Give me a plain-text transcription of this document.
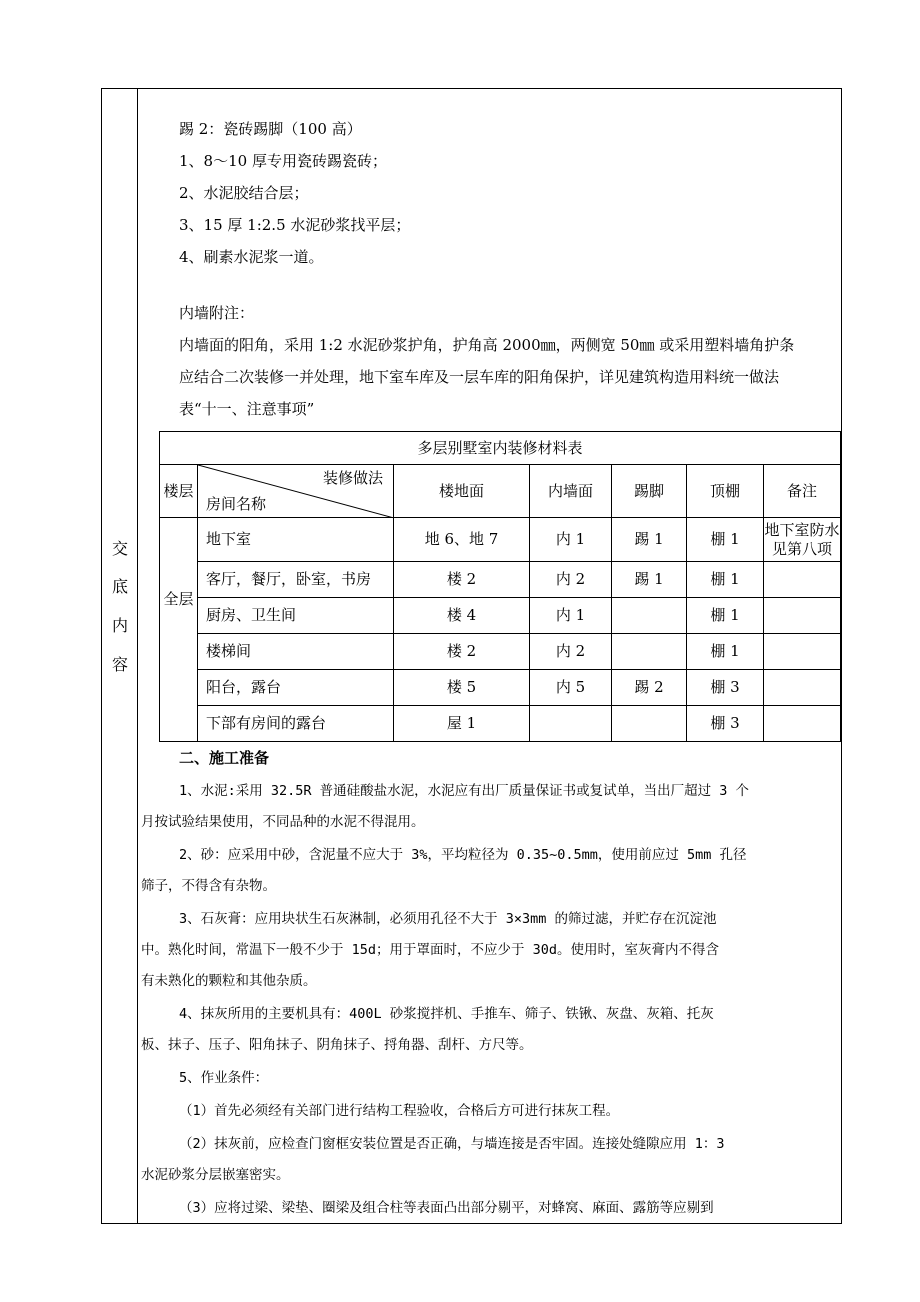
交
底
内
容
踢 2：瓷砖踢脚（100 高）
1、8～10 厚专用瓷砖踢瓷砖；
2、水泥胶结合层；
3、15 厚 1:2.5 水泥砂浆找平层；
4、刷素水泥浆一道。
内墙附注：
内墙面的阳角，采用 1:2 水泥砂浆护角，护角高 2000㎜，两侧宽 50㎜ 或采用塑料墙角护条
应结合二次装修一并处理，地下室车库及一层车库的阳角保护，详见建筑构造用料统一做法
表“十一、注意事项”
多层别墅室内装修材料表						
楼层	装修做法
房间名称	楼地面	内墙面	踢脚	顶棚	备注
全层	地下室	地 6、地 7	内 1	踢 1	棚 1	地下室防水见第八项
	客厅，餐厅，卧室，书房	楼 2	内 2	踢 1	棚 1	
	厨房、卫生间	楼 4	内 1		棚 1	
	楼梯间	楼 2	内 2		棚 1	
	阳台，露台	楼 5	内 5	踢 2	棚 3	
	下部有房间的露台	屋 1			棚 3	
二、施工准备
1、水泥:采用 32.5R 普通硅酸盐水泥，水泥应有出厂质量保证书或复试单，当出厂超过 3 个
月按试验结果使用，不同品种的水泥不得混用。
2、砂：应采用中砂，含泥量不应大于 3%，平均粒径为 0.35~0.5mm，使用前应过 5mm 孔径
筛子，不得含有杂物。
3、石灰膏：应用块状生石灰淋制，必须用孔径不大于 3×3mm 的筛过滤，并贮存在沉淀池
中。熟化时间，常温下一般不少于 15d；用于罩面时，不应少于 30d。使用时，室灰膏内不得含
有未熟化的颗粒和其他杂质。
4、抹灰所用的主要机具有：400L 砂浆搅拌机、手推车、筛子、铁锹、灰盘、灰箱、托灰
板、抹子、压子、阳角抹子、阴角抹子、捋角器、刮杆、方尺等。
5、作业条件：
（1）首先必须经有关部门进行结构工程验收，合格后方可进行抹灰工程。
（2）抹灰前，应检查门窗框安装位置是否正确，与墙连接是否牢固。连接处缝隙应用 1：3
水泥砂浆分层嵌塞密实。
（3）应将过梁、梁垫、圈梁及组合柱等表面凸出部分剔平，对蜂窝、麻面、露筋等应剔到
